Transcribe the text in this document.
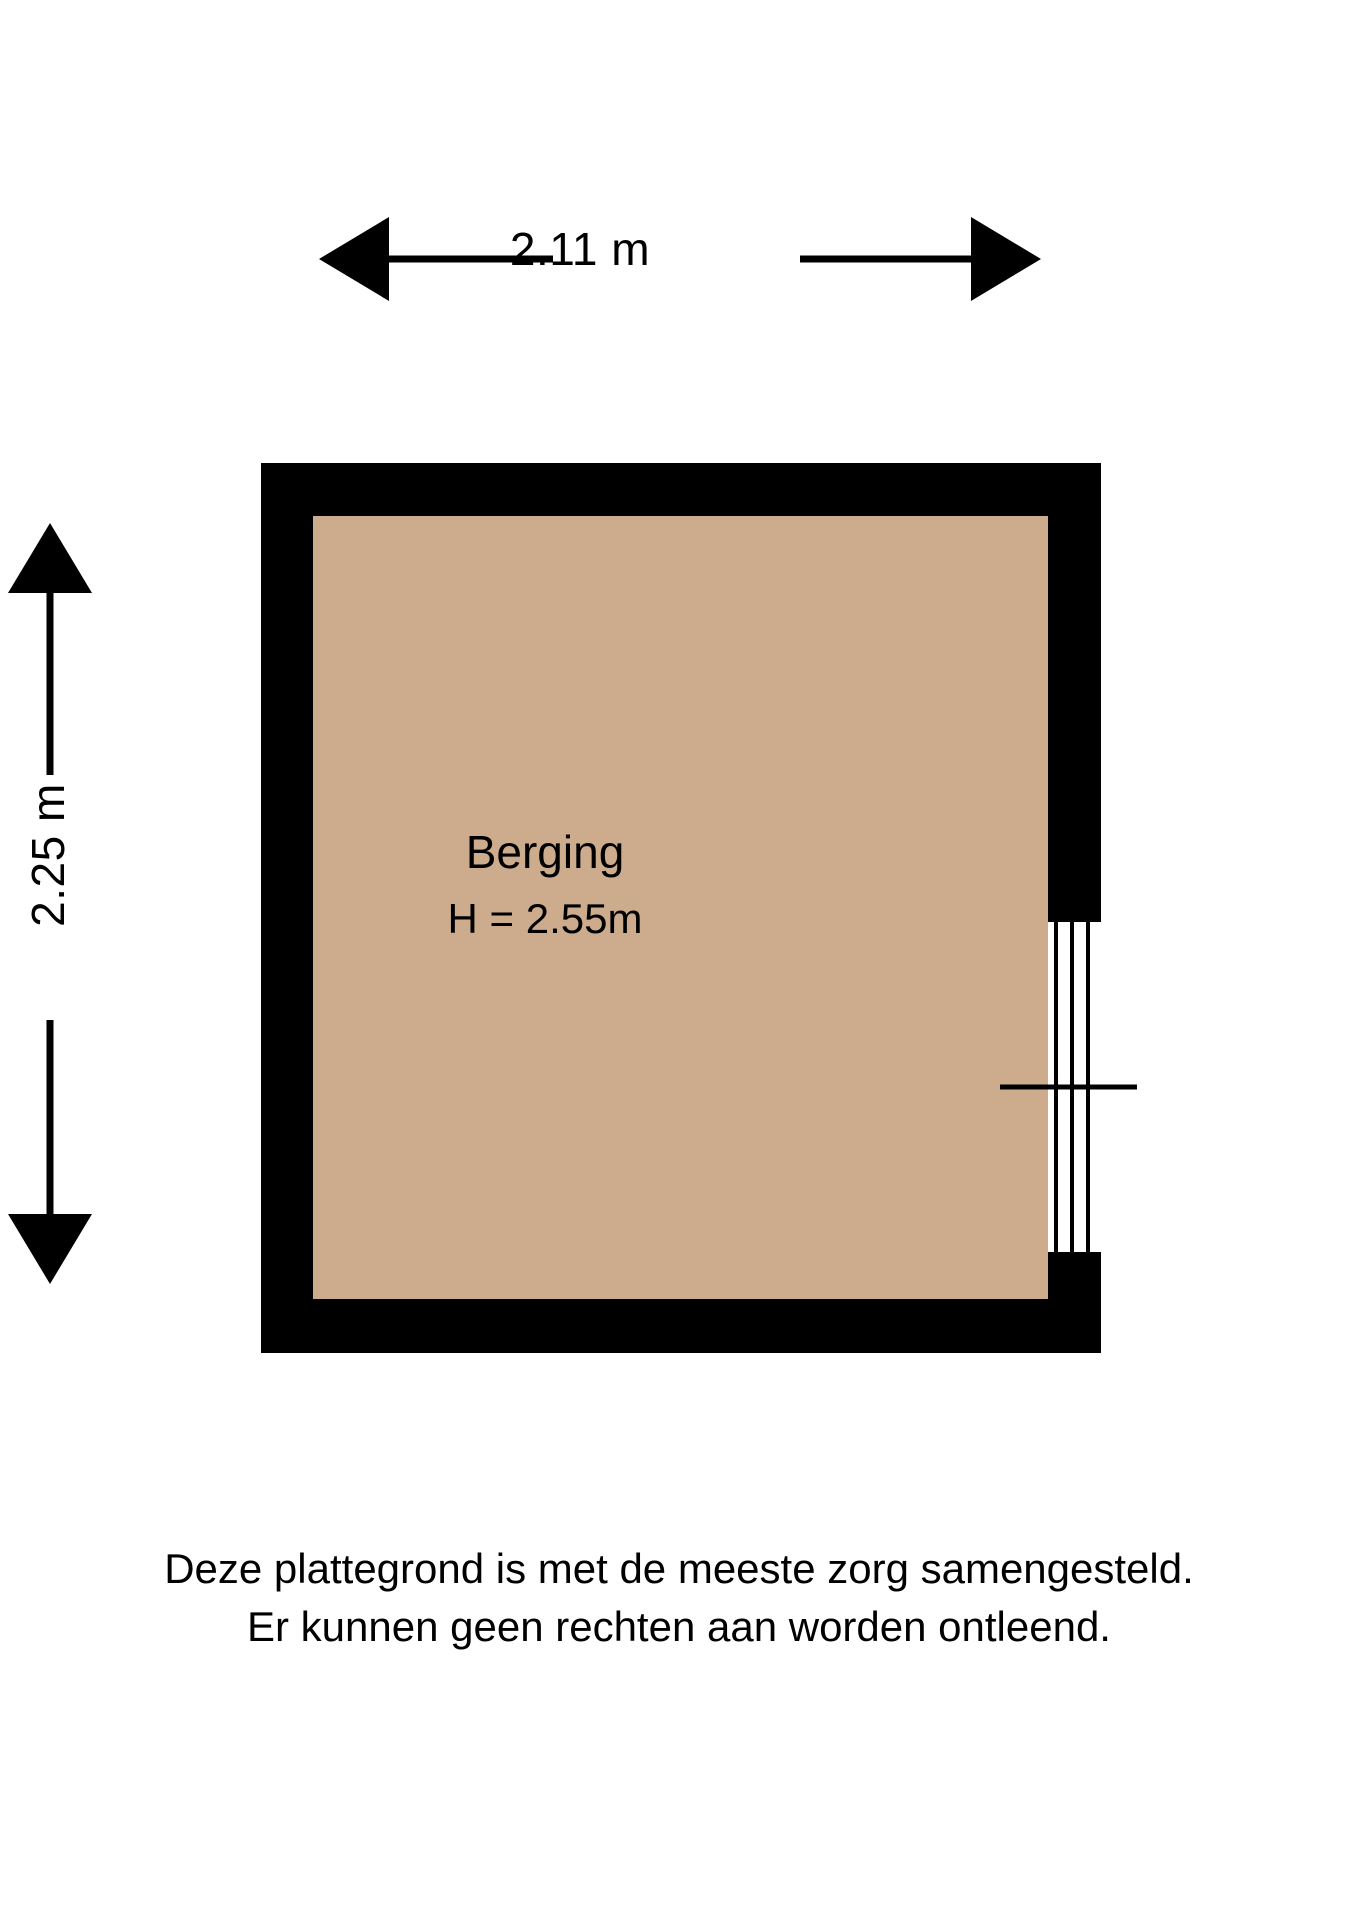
2.11 m
2.25 m	Berging
H = 2.55m
Deze plattegrond is met de meeste zorg samengesteld.
Er kunnen geen rechten aan worden ontleend.
